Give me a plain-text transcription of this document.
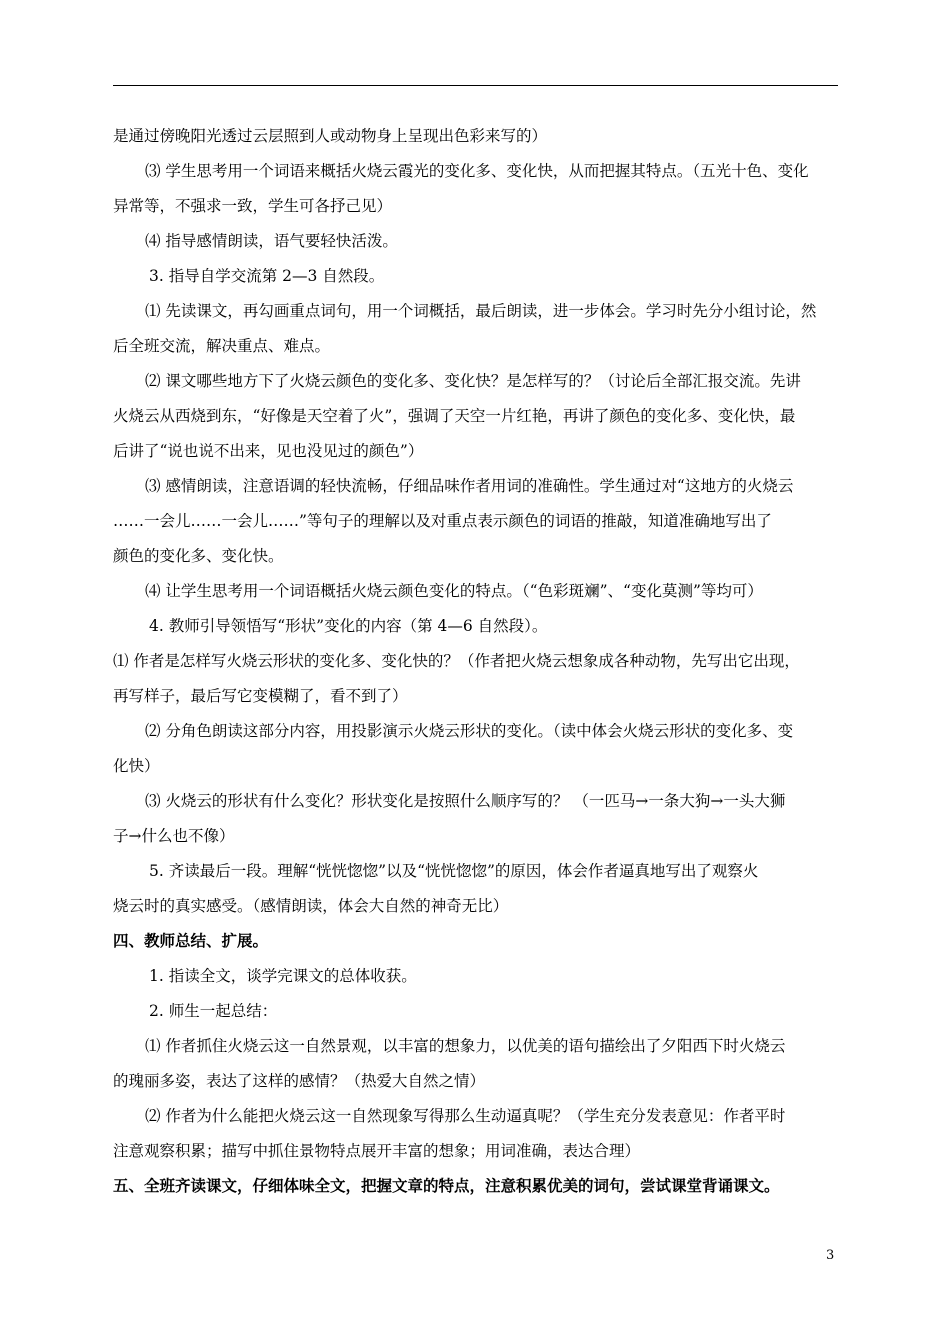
是通过傍晚阳光透过云层照到人或动物身上呈现出色彩来写的）
⑶ 学生思考用一个词语来概括火烧云霞光的变化多、变化快，从而把握其特点。（五光十色、变化
异常等，不强求一致，学生可各抒己见）
⑷ 指导感情朗读，语气要轻快活泼。
3. 指导自学交流第 2—3 自然段。
⑴ 先读课文，再勾画重点词句，用一个词概括，最后朗读，进一步体会。学习时先分小组讨论，然
后全班交流，解决重点、难点。
⑵ 课文哪些地方下了火烧云颜色的变化多、变化快？是怎样写的？（讨论后全部汇报交流。先讲
火烧云从西烧到东，“好像是天空着了火”，强调了天空一片红艳，再讲了颜色的变化多、变化快，最
后讲了“说也说不出来，见也没见过的颜色”）
⑶ 感情朗读，注意语调的轻快流畅，仔细品味作者用词的准确性。学生通过对“这地方的火烧云
……一会儿……一会儿……”等句子的理解以及对重点表示颜色的词语的推敲，知道准确地写出了
颜色的变化多、变化快。
⑷ 让学生思考用一个词语概括火烧云颜色变化的特点。（“色彩斑斓”、“变化莫测”等均可）
4. 教师引导领悟写“形状”变化的内容（第 4—6 自然段）。
⑴ 作者是怎样写火烧云形状的变化多、变化快的？（作者把火烧云想象成各种动物，先写出它出现，
再写样子，最后写它变模糊了，看不到了）
⑵ 分角色朗读这部分内容，用投影演示火烧云形状的变化。（读中体会火烧云形状的变化多、变
化快）
⑶ 火烧云的形状有什么变化？形状变化是按照什么顺序写的？ （一匹马→一条大狗→一头大狮
子→什么也不像）
5. 齐读最后一段。理解“恍恍惚惚”以及“恍恍惚惚”的原因，体会作者逼真地写出了观察火
烧云时的真实感受。（感情朗读，体会大自然的神奇无比）
四、教师总结、扩展。
1. 指读全文，谈学完课文的总体收获。
2. 师生一起总结：
⑴ 作者抓住火烧云这一自然景观，以丰富的想象力，以优美的语句描绘出了夕阳西下时火烧云
的瑰丽多姿，表达了这样的感情？（热爱大自然之情）
⑵ 作者为什么能把火烧云这一自然现象写得那么生动逼真呢？（学生充分发表意见：作者平时
注意观察积累；描写中抓住景物特点展开丰富的想象；用词准确，表达合理）
五、全班齐读课文，仔细体味全文，把握文章的特点，注意积累优美的词句，尝试课堂背诵课文。
3
